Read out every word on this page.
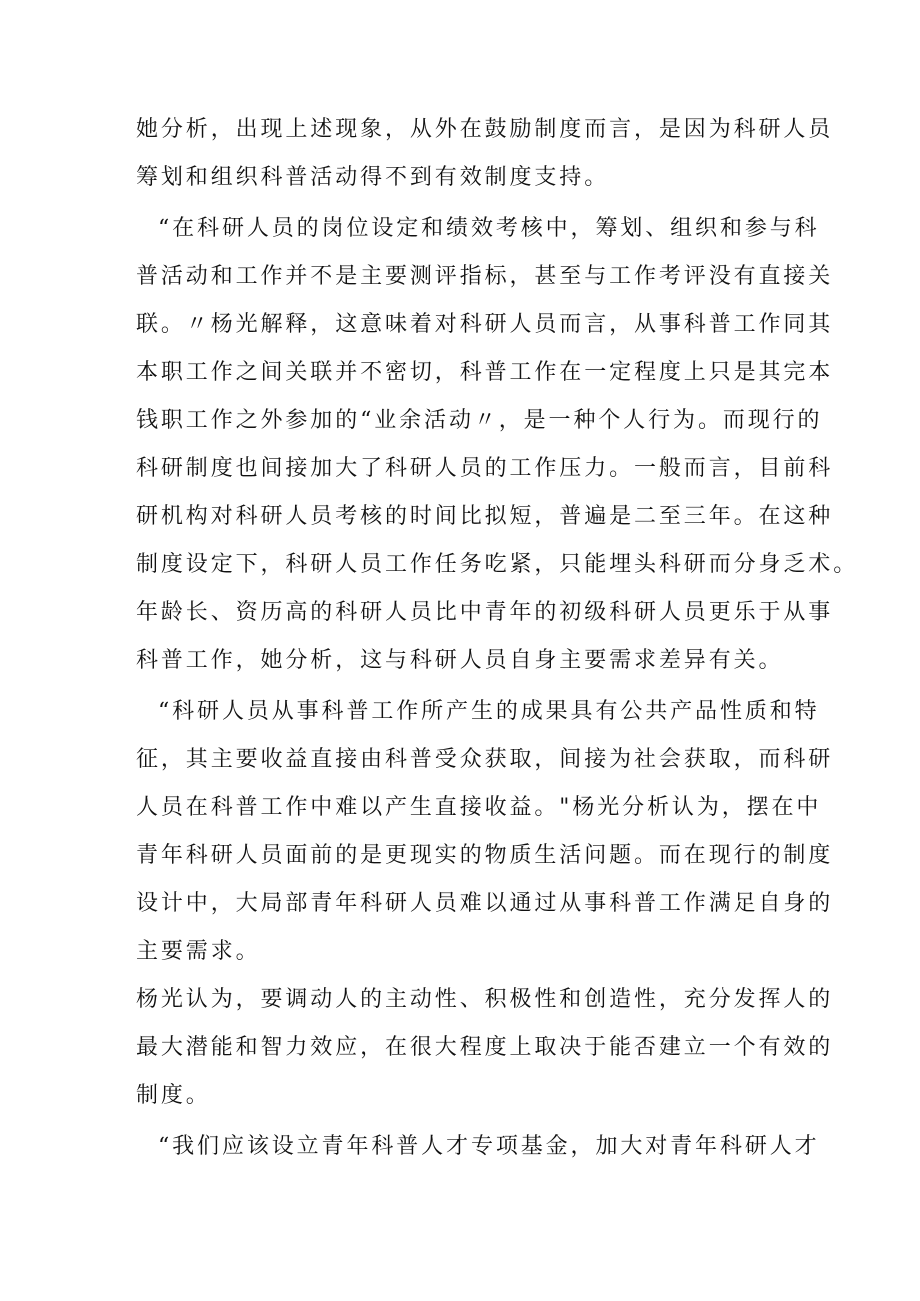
她分析，出现上述现象，从外在鼓励制度而言，是因为科研人员
筹划和组织科普活动得不到有效制度支持。
“在科研人员的岗位设定和绩效考核中，筹划、组织和参与科
普活动和工作并不是主要测评指标，甚至与工作考评没有直接关
联。〃杨光解释，这意味着对科研人员而言，从事科普工作同其
本职工作之间关联并不密切，科普工作在一定程度上只是其完本
钱职工作之外参加的“业余活动〃，是一种个人行为。而现行的
科研制度也间接加大了科研人员的工作压力。一般而言，目前科
研机构对科研人员考核的时间比拟短，普遍是二至三年。在这种
制度设定下，科研人员工作任务吃紧，只能埋头科研而分身乏术。
年龄长、资历高的科研人员比中青年的初级科研人员更乐于从事
科普工作，她分析，这与科研人员自身主要需求差异有关。
“科研人员从事科普工作所产生的成果具有公共产品性质和特
征，其主要收益直接由科普受众获取，间接为社会获取，而科研
人员在科普工作中难以产生直接收益。"杨光分析认为，摆在中
青年科研人员面前的是更现实的物质生活问题。而在现行的制度
设计中，大局部青年科研人员难以通过从事科普工作满足自身的
主要需求。
杨光认为，要调动人的主动性、积极性和创造性，充分发挥人的
最大潜能和智力效应，在很大程度上取决于能否建立一个有效的
制度。
“我们应该设立青年科普人才专项基金，加大对青年科研人才
